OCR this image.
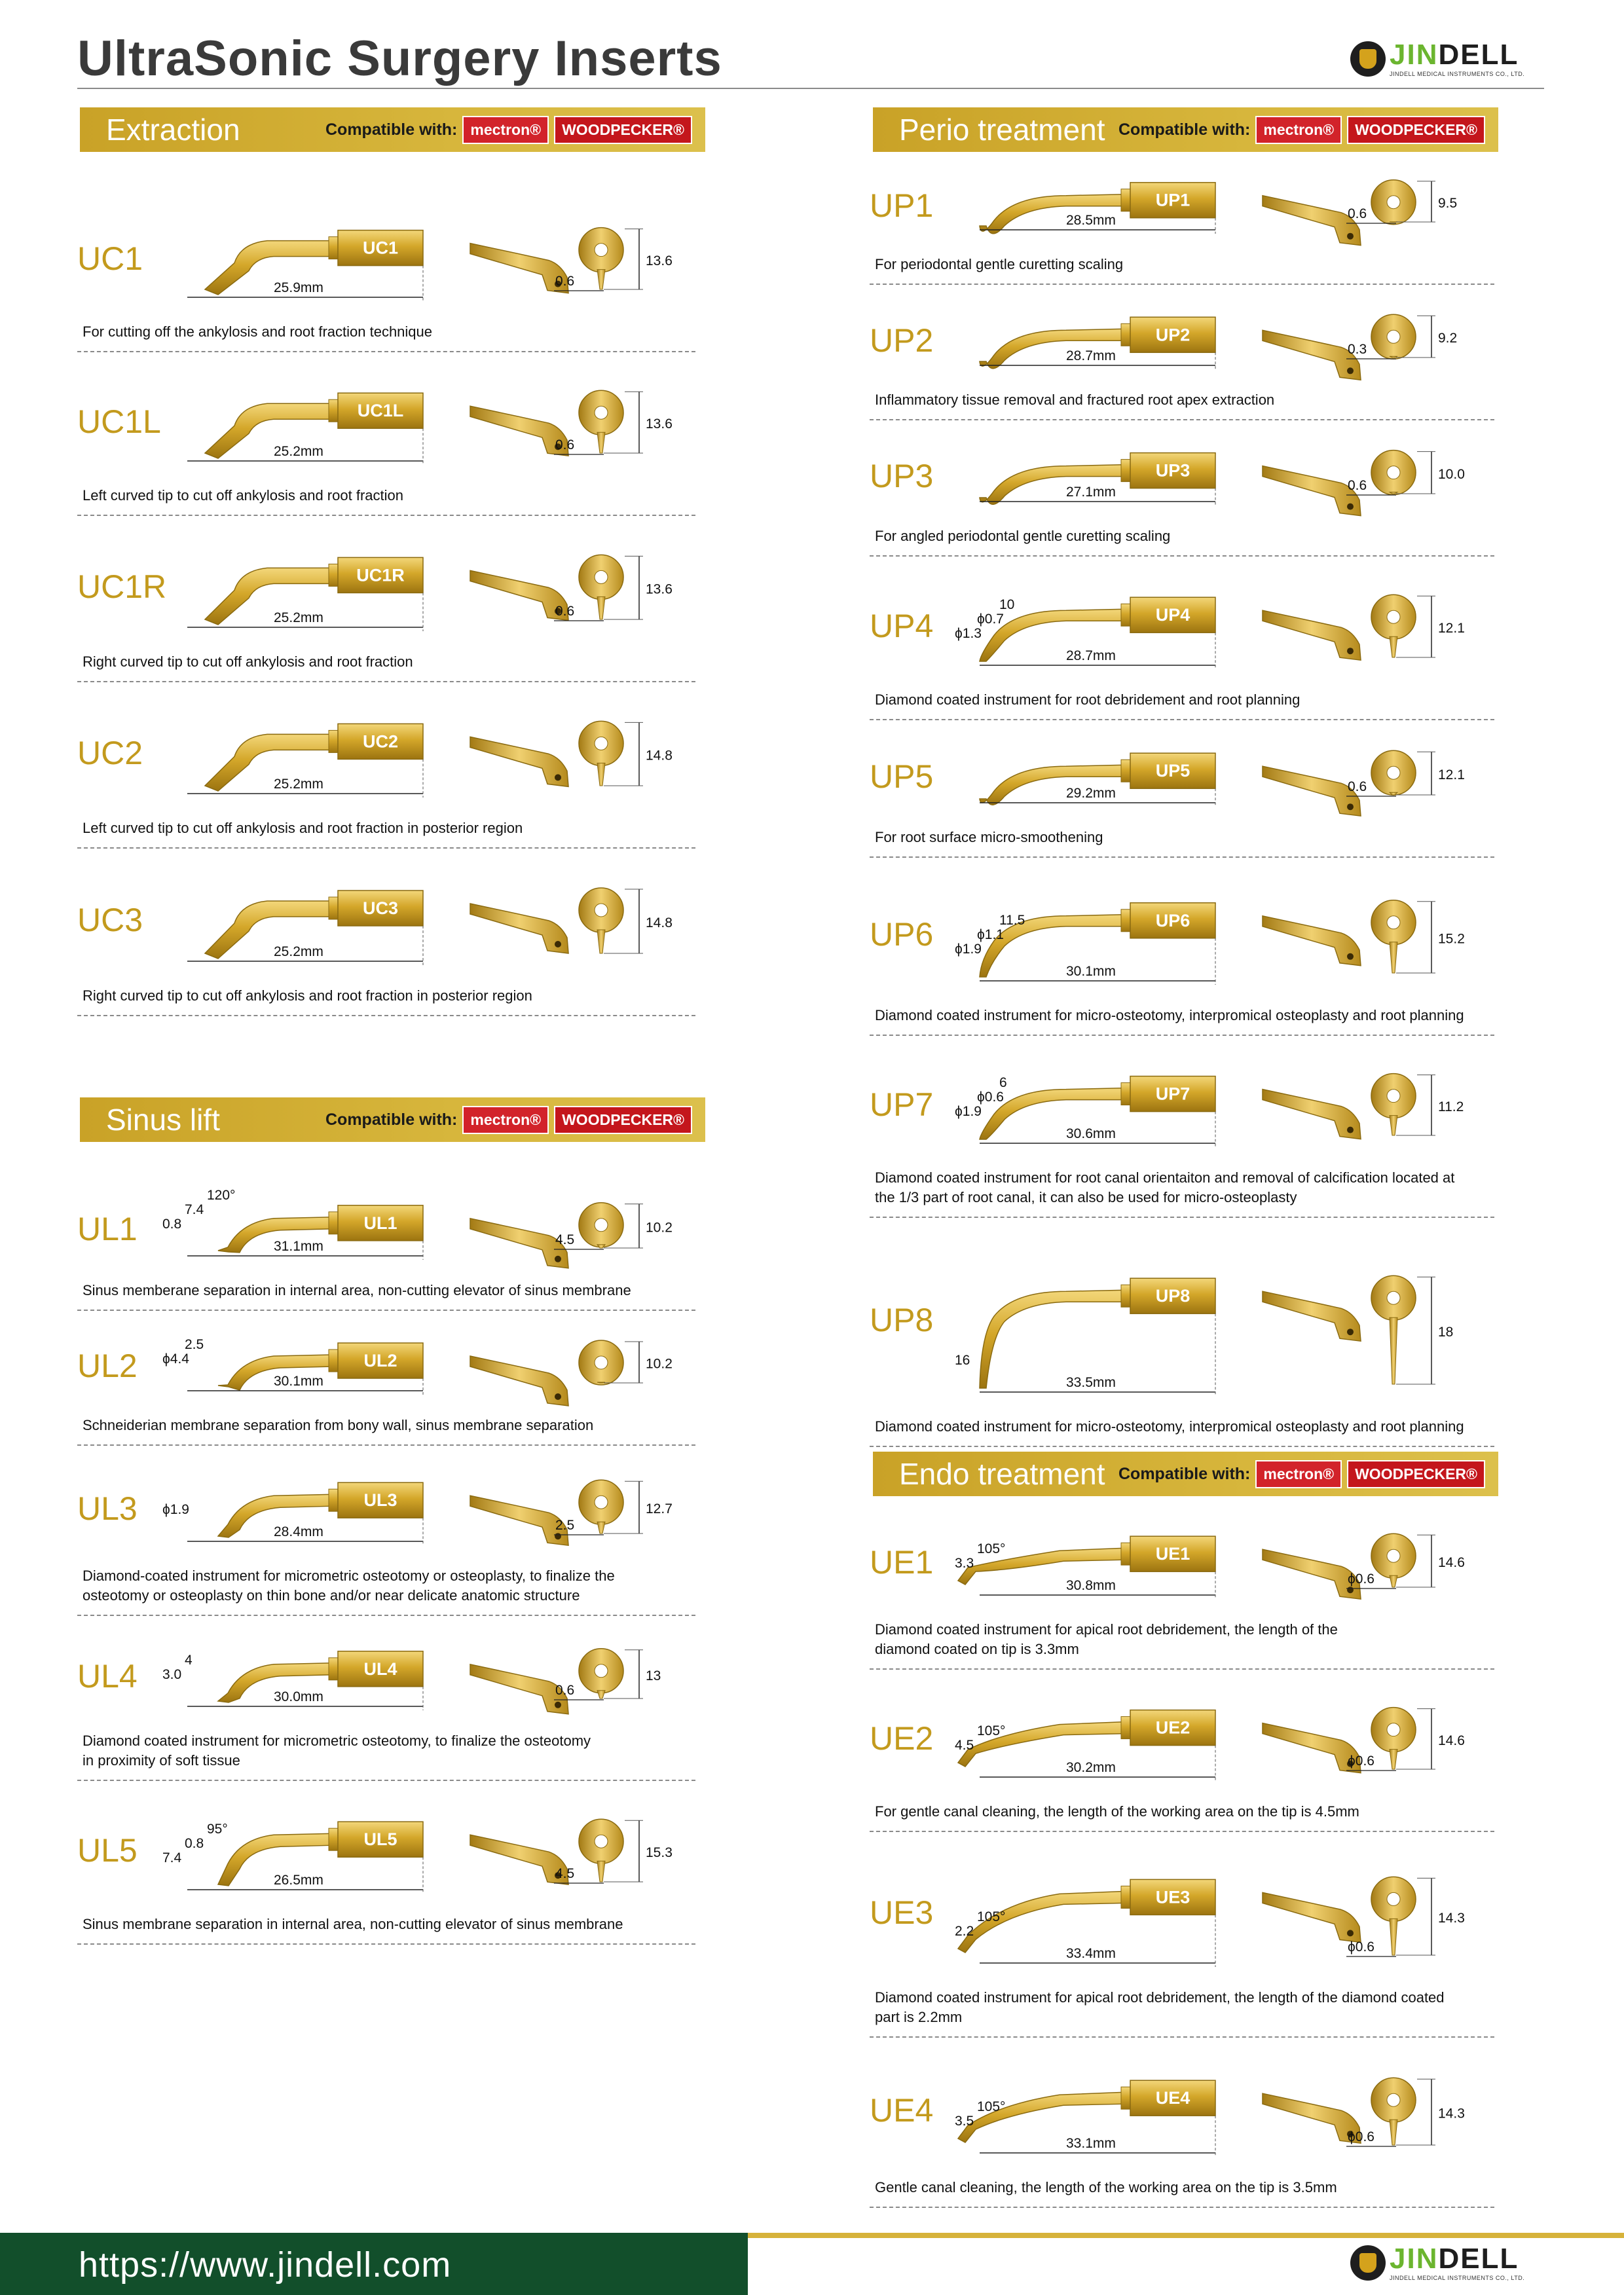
UltraSonic Surgery Inserts	JINDELL
JINDELL MEDICAL INSTRUMENTS CO., LTD.
Extraction	Compatible with: mectron®	WOODPECKER®
Sinus lift	Compatible with: mectron®	WOODPECKER®
Perio treatment Compatible with: mectron®	WOODPECKER®
Endo treatment Compatible with: mectron®	WOODPECKER®
UC1	UC1
25.9mm
13.6
0.6
For cutting off the ankylosis and root fraction technique
UC1L	UC1L
25.2mm
13.6
0.6
Left curved tip to cut off ankylosis and root fraction
UC1R	UC1R
25.2mm
13.6
0.6
Right curved tip to cut off ankylosis and root fraction
UC2	UC2
25.2mm
14.8
Left curved tip to cut off ankylosis and root fraction in posterior region
UC3	UC3
25.2mm
14.8
Right curved tip to cut off ankylosis and root fraction in posterior region
UL1	UL1
31.1mm
0.8
7.4
120°
10.2
4.5
Sinus memberane separation in internal area, non-cutting elevator of sinus membrane
UL2	UL2
30.1mm
ϕ4.4
2.5
10.2
Schneiderian membrane separation from bony wall, sinus membrane separation
UL3	UL3
28.4mm
ϕ1.9	12.7
2.5
Diamond-coated instrument for micrometric osteotomy or osteoplasty, to finalize the
osteotomy or osteoplasty on thin bone and/or near delicate anatomic structure
UL4	UL4
30.0mm
3.0
4
13
0.6
Diamond coated instrument for micrometric osteotomy, to finalize the osteotomy
in proximity of soft tissue
UL5	UL5
26.5mm
7.4
0.8
95°
15.3
4.5
Sinus membrane separation in internal area, non-cutting elevator of sinus membrane
UP1	UP1
28.5mm
9.5
0.6
For periodontal gentle curetting scaling
UP2	UP2
28.7mm
9.2
0.3
Inflammatory tissue removal and fractured root apex extraction
UP3	UP3
27.1mm
10.0
0.6
For angled periodontal gentle curetting scaling
UP4	UP4
28.7mm
ϕ1.3
ϕ0.7
10
12.1
Diamond coated instrument for root debridement and root planning
UP5	UP5
29.2mm
12.1
0.6
For root surface micro-smoothening
UP6	UP6
30.1mm
ϕ1.9
ϕ1.1
11.5
15.2
Diamond coated instrument for micro-osteotomy, interpromical osteoplasty and root planning
UP7	UP7
30.6mm
ϕ1.9
ϕ0.6
6
11.2
Diamond coated instrument for root canal orientaiton and removal of calcification located at
the 1/3 part of root canal, it can also be used for micro-osteoplasty
UP8
UP8
33.5mm
16
18
Diamond coated instrument for micro-osteotomy, interpromical osteoplasty and root planning
UE1	UE1
30.8mm
3.3
105°
14.6
ϕ0.6
Diamond coated instrument for apical root debridement, the length of the
diamond coated on tip is 3.3mm
UE2	UE2
30.2mm
4.5
105°
14.6
ϕ0.6
For gentle canal cleaning, the length of the working area on the tip is 4.5mm
UE3	UE3
33.4mm
2.2
105°	14.3
ϕ0.6
Diamond coated instrument for apical root debridement, the length of the diamond coated
part is 2.2mm
UE4	UE4
33.1mm
3.5
105°	14.3
ϕ0.6
Gentle canal cleaning, the length of the working area on the tip is 3.5mm
https://www.jindell.com	JINDELL
JINDELL MEDICAL INSTRUMENTS CO., LTD.
